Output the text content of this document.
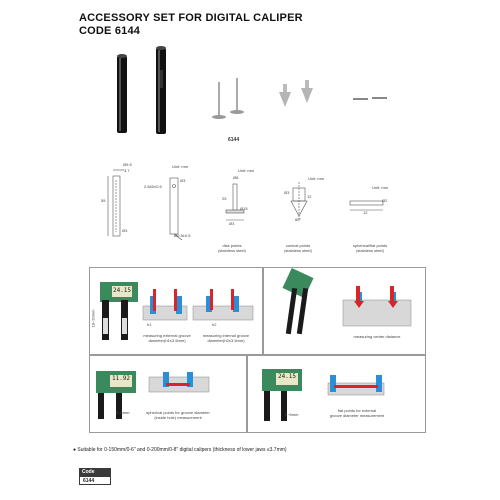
ACCESSORY SET FOR DIGITAL CALIPER
CODE 6144
6144
Ø9.5
3.7
55
Ø3
Unit: mm
2.840±0.5
Ø3
Ø0.5±0.5
Unit: mm
Ø8
25
Ø15
Ø3
Unit: mm
Ø3
12
60°
Unit: mm
Ø2
12
disk points
(stainless steel)
conical points
(stainless steel)
spherical/flat points
(stainless steel)
24.15
18~20mm	h1	h2
measuring external groove
diameter(h1≤3.5mm)
measuring internal groove
diameter(h2≤3.5mm)
measuring center distance
11.92
0~6mm	spherical points for groove diameter
(inside hole) measurement
24.15
0~6mm
flat points for external
groove diameter measurement
● Suitable for 0-150mm/0-6" and 0-200mm/0-8" digital calipers (thickness of lower jaws ≤3.7mm)
Code
6144
